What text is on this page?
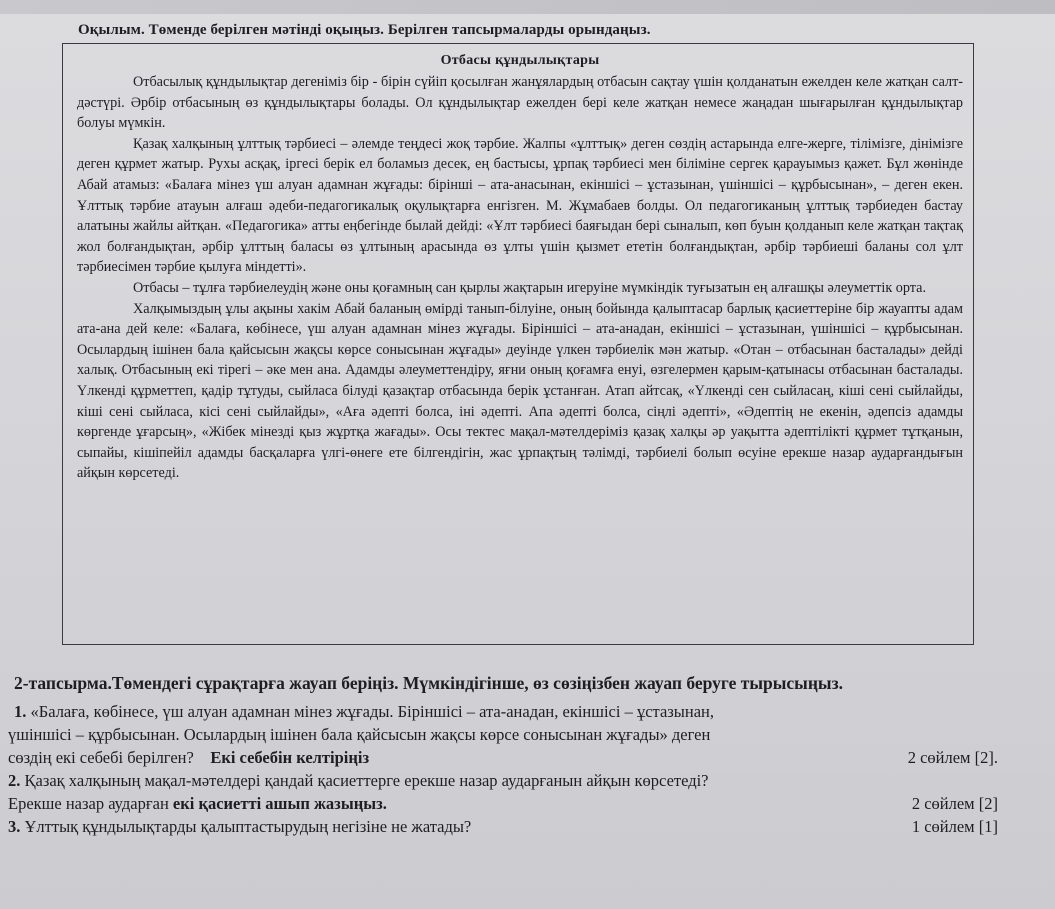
Оқылым. Төменде берілген мәтінді оқыңыз. Берілген тапсырмаларды орындаңыз.
Отбасы құндылықтары

Отбасылық құндылықтар дегеніміз бір - бірін сүйіп қосылған жанұялардың отбасын сақтау үшін қолданатын ежелден келе жатқан салт-дәстүрі. Әрбір отбасының өз құндылықтары болады. Ол құндылықтар ежелден бері келе жатқан немесе жаңадан шығарылған құндылықтар болуы мүмкін.

Қазақ халқының ұлттық тәрбиесі – әлемде теңдесі жоқ тәрбие. Жалпы «ұлттық» деген сөздің астарында елге-жерге, тілімізге, дінімізге деген құрмет жатыр. Рухы асқақ, іргесі берік ел боламыз десек, ең бастысы, ұрпақ тәрбиесі мен біліміне сергек қарауымыз қажет. Бұл жөнінде Абай атамыз: «Балаға мінез үш алуан адамнан жұғады: біріншi – ата-анасынан, екіншісі – ұстазынан, үшіншісі – құрбысынан», – деген екен. Ұлттық тәрбие атауын алғаш әдеби-педагогикалық оқулықтарға енгізген. М. Жұмабаев болды. Ол педагогиканың ұлттық тәрбиеден бастау алатыны жайлы айтқан. «Педагогика» атты еңбегінде былай дейді: «Ұлт тәрбиесі баяғыдан бері сыналып, көп буын қолданып келе жатқан тақтақ жол болғандықтан, әрбір ұлттың баласы өз ұлтының арасында өз ұлты үшін қызмет ететін болғандықтан, әрбір тәрбиеші баланы сол ұлт тәрбиесімен тәрбие қылуға міндетті».

Отбасы – тұлға тәрбиелеудің және оны қоғамның сан қырлы жақтарын игеруіне мүмкіндік туғызатын ең алғашқы әлеуметтік орта.

Халқымыздың ұлы ақыны хакім Абай баланың өмірді танып-білуіне, оның бойында қалыптасар барлық қасиеттеріне бір жауапты адам ата-ана дей келе: «Балаға, көбінесе, үш алуан адамнан мінез жұғады. Біріншісі – ата-анадан, екіншісі – ұстазынан, үшіншісі – құрбысынан. Осылардың ішінен бала қайсысын жақсы көрсе сонысынан жұғады» деуінде үлкен тәрбиелік мән жатыр. «Отан – отбасынан басталады» дейді халық. Отбасының екі тірегі – әке мен ана. Адамды әлеуметтендіру, яғни оның қоғамға енуі, өзгелермен қарым-қатынасы отбасынан басталады. Үлкенді құрметтеп, қадір тұтуды, сыйласа білуді қазақтар отбасында берік ұстанған. Атап айтсақ, «Үлкенді сен сыйласаң, кіші сені сыйлайды, кіші сені сыйласа, кісі сені сыйлайды», «Аға әдепті болса, іні әдепті. Апа әдепті болса, сіңлі әдепті», «Әдептің не екенін, әдепсіз адамды көргенде ұғарсың», «Жібек мінезді қыз жұртқа жағады». Осы тектес мақал-мәтелдеріміз қазақ халқы әр уақытта әдептілікті құрмет тұтқанын, сыпайы, кішіпейіл адамды басқаларға үлгі-өнеге ете білгендігін, жас ұрпақтың тәлімді, тәрбиелі болып өсуіне ерекше назар аударғандығын айқын көрсетеді.

2-тапсырма.Төмендегі сұрақтарға жауап беріңіз. Мүмкіндігінше, өз сөзіңізбен жауап беруге тырысыңыз.
1. «Балаға, көбінесе, үш алуан адамнан мінез жұғады. Біріншісі – ата-анадан, екіншісі – ұстазынан,
үшіншісі – құрбысынан. Осылардың ішінен бала қайсысын жақсы көрсе сонысынан жұғады» деген
сөздің екі себебі берілген? Екі себебін келтіріңіз	2 сөйлем [2].
2. Қазақ халқының мақал-мәтелдері қандай қасиеттерге ерекше назар аударғанын айқын көрсетеді?
Ерекше назар аударған екі қасиетті ашып жазыңыз.	2 сөйлем [2]
3. Ұлттық құндылықтарды қалыптастырудың негізіне не жатады?	1 сөйлем [1]
